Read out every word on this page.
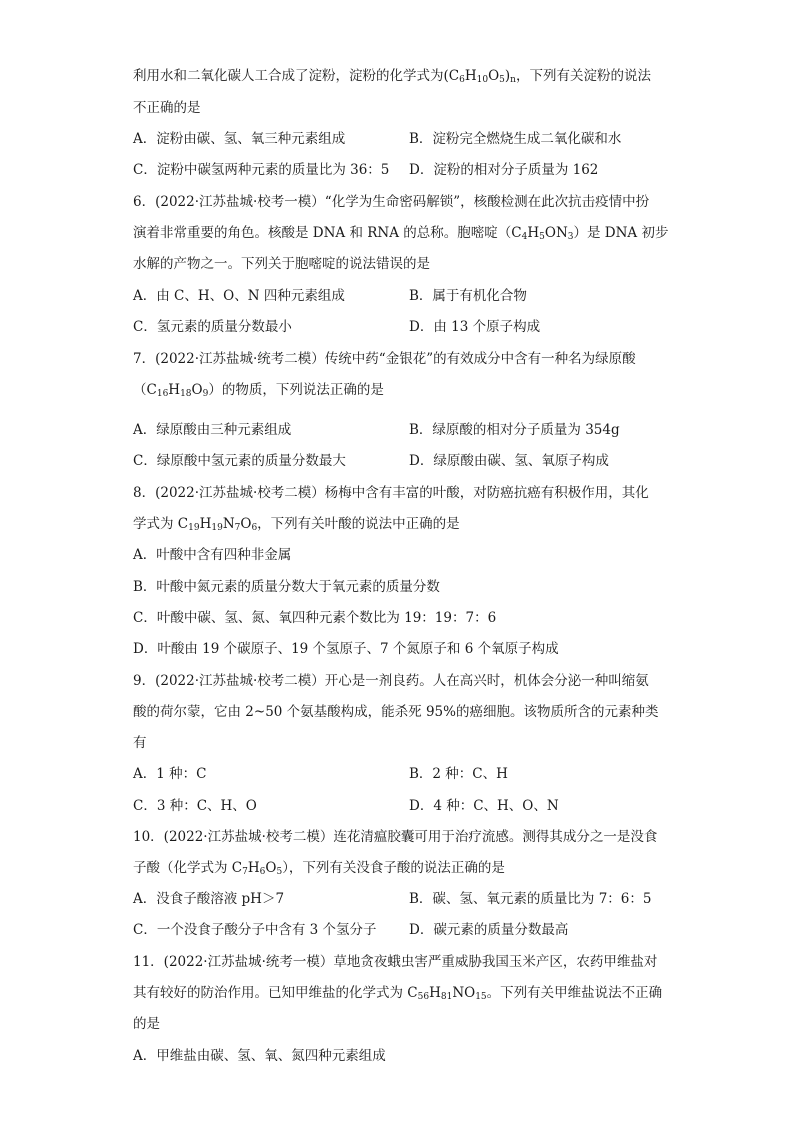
利用水和二氧化碳人工合成了淀粉，淀粉的化学式为$(C_6H_{10}O_5)_n$，下列有关淀粉的说法
不正确的是
A．淀粉由碳、氢、氧三种元素组成	B．淀粉完全燃烧生成二氧化碳和水
C．淀粉中碳氢两种元素的质量比为 36：5 D．淀粉的相对分子质量为 162
6．(2022·江苏盐城·校考一模）“化学为生命密码解锁”，核酸检测在此次抗击疫情中扮
演着非常重要的角色。核酸是 DNA 和 RNA 的总称。胞嘧啶$(C_4H_5ON_3)$是 DNA 初步
水解的产物之一。下列关于胞嘧啶的说法错误的是
A．由 C、H、O、N 四种元素组成	B．属于有机化合物
C．氢元素的质量分数最小	D．由 13 个原子构成
7．(2022·江苏盐城·统考二模）传统中药“金银花”的有效成分中含有一种名为绿原酸
$(C_{16}H_{18}O_9)$的物质，下列说法正确的是
A．绿原酸由三种元素组成	B．绿原酸的相对分子质量为 354g
C．绿原酸中氢元素的质量分数最大	D．绿原酸由碳、氢、氧原子构成
8．(2022·江苏盐城·校考二模）杨梅中含有丰富的叶酸，对防癌抗癌有积极作用，其化
学式为 $C_{19}H_{19}N_7O_6$，下列有关叶酸的说法中正确的是
A．叶酸中含有四种非金属
B．叶酸中氮元素的质量分数大于氧元素的质量分数
C．叶酸中碳、氢、氮、氧四种元素个数比为 19：19：7：6
D．叶酸由 19 个碳原子、19 个氢原子、7 个氮原子和 6 个氧原子构成
9．(2022·江苏盐城·校考二模）开心是一剂良药。人在高兴时，机体会分泌一种叫缩氨
酸的荷尔蒙，它由 2~50 个氨基酸构成，能杀死 95%的癌细胞。该物质所含的元素种类
有
A．1 种：C	B．2 种：C、H
C．3 种：C、H、O	D．4 种：C、H、O、N
10．(2022·江苏盐城·校考二模）连花清瘟胶囊可用于治疗流感。测得其成分之一是没食
子酸（化学式为 $C_7H_6O_5$），下列有关没食子酸的说法正确的是
A．没食子酸溶液 pH＞7	B．碳、氢、氧元素的质量比为 7：6：5
C．一个没食子酸分子中含有 3 个氢分子 D．碳元素的质量分数最高
11．(2022·江苏盐城·统考一模）草地贪夜蛾虫害严重威胁我国玉米产区，农药甲维盐对
其有较好的防治作用。已知甲维盐的化学式为 $C_{56}H_{81}NO_{15}$。下列有关甲维盐说法不正确
的是
A．甲维盐由碳、氢、氧、氮四种元素组成
